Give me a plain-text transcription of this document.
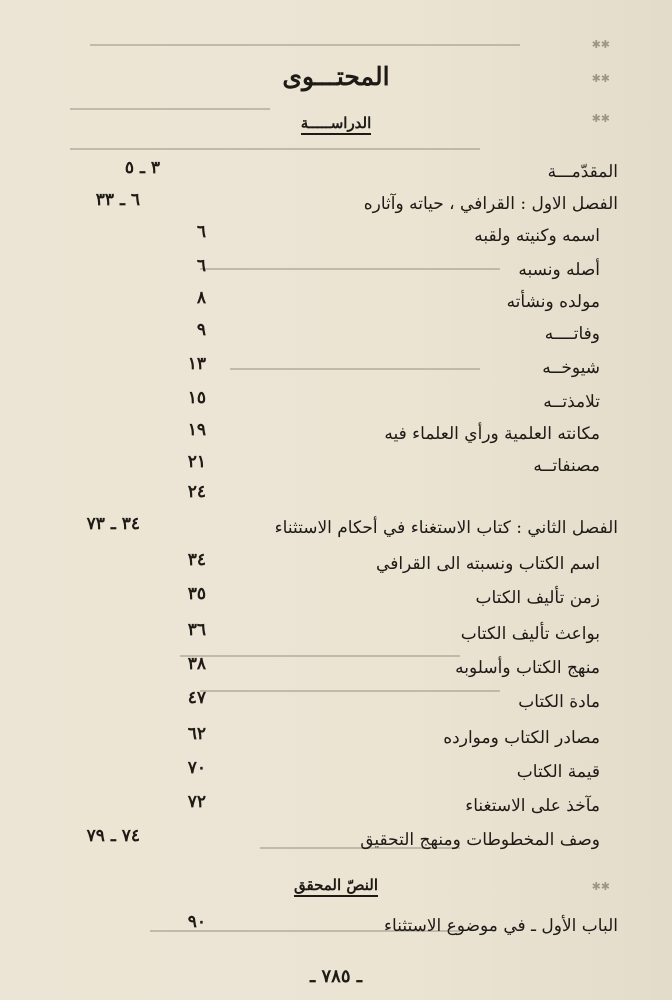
✱✱
✱✱
✱✱
✱✱
المحتـــوى
الدراســـــة
المقدّمـــة
٣ ـ ٥
الفصل الاول : القرافي ، حياته وآثاره
٦ ـ ٣٣
اسمه وكنيته ولقبه
٦
أصله ونسبه
٦
مولده ونشأته
٨
وفاتــــه
٩
شيوخــه
١٣
تلامذتــه
١٥
مكانته العلمية ورأي العلماء فيه
١٩
مصنفاتــه
٢١
٢٤
الفصل الثاني : كتاب الاستغناء في أحكام الاستثناء
٣٤ ـ ٧٣
اسم الكتاب ونسبته الى القرافي
٣٤
زمن تأليف الكتاب
٣٥
بواعث تأليف الكتاب
٣٦
منهج الكتاب وأسلوبه
٣٨
مادة الكتاب
٤٧
مصادر الكتاب وموارده
٦٢
قيمة الكتاب
٧٠
مآخذ على الاستغناء
٧٢
وصف المخطوطات ومنهج التحقيق
٧٤ ـ ٧٩
النصّ المحقق
الباب الأول ـ في موضوع الاستثناء
٩٠
ـ ٧٨٥ ـ
